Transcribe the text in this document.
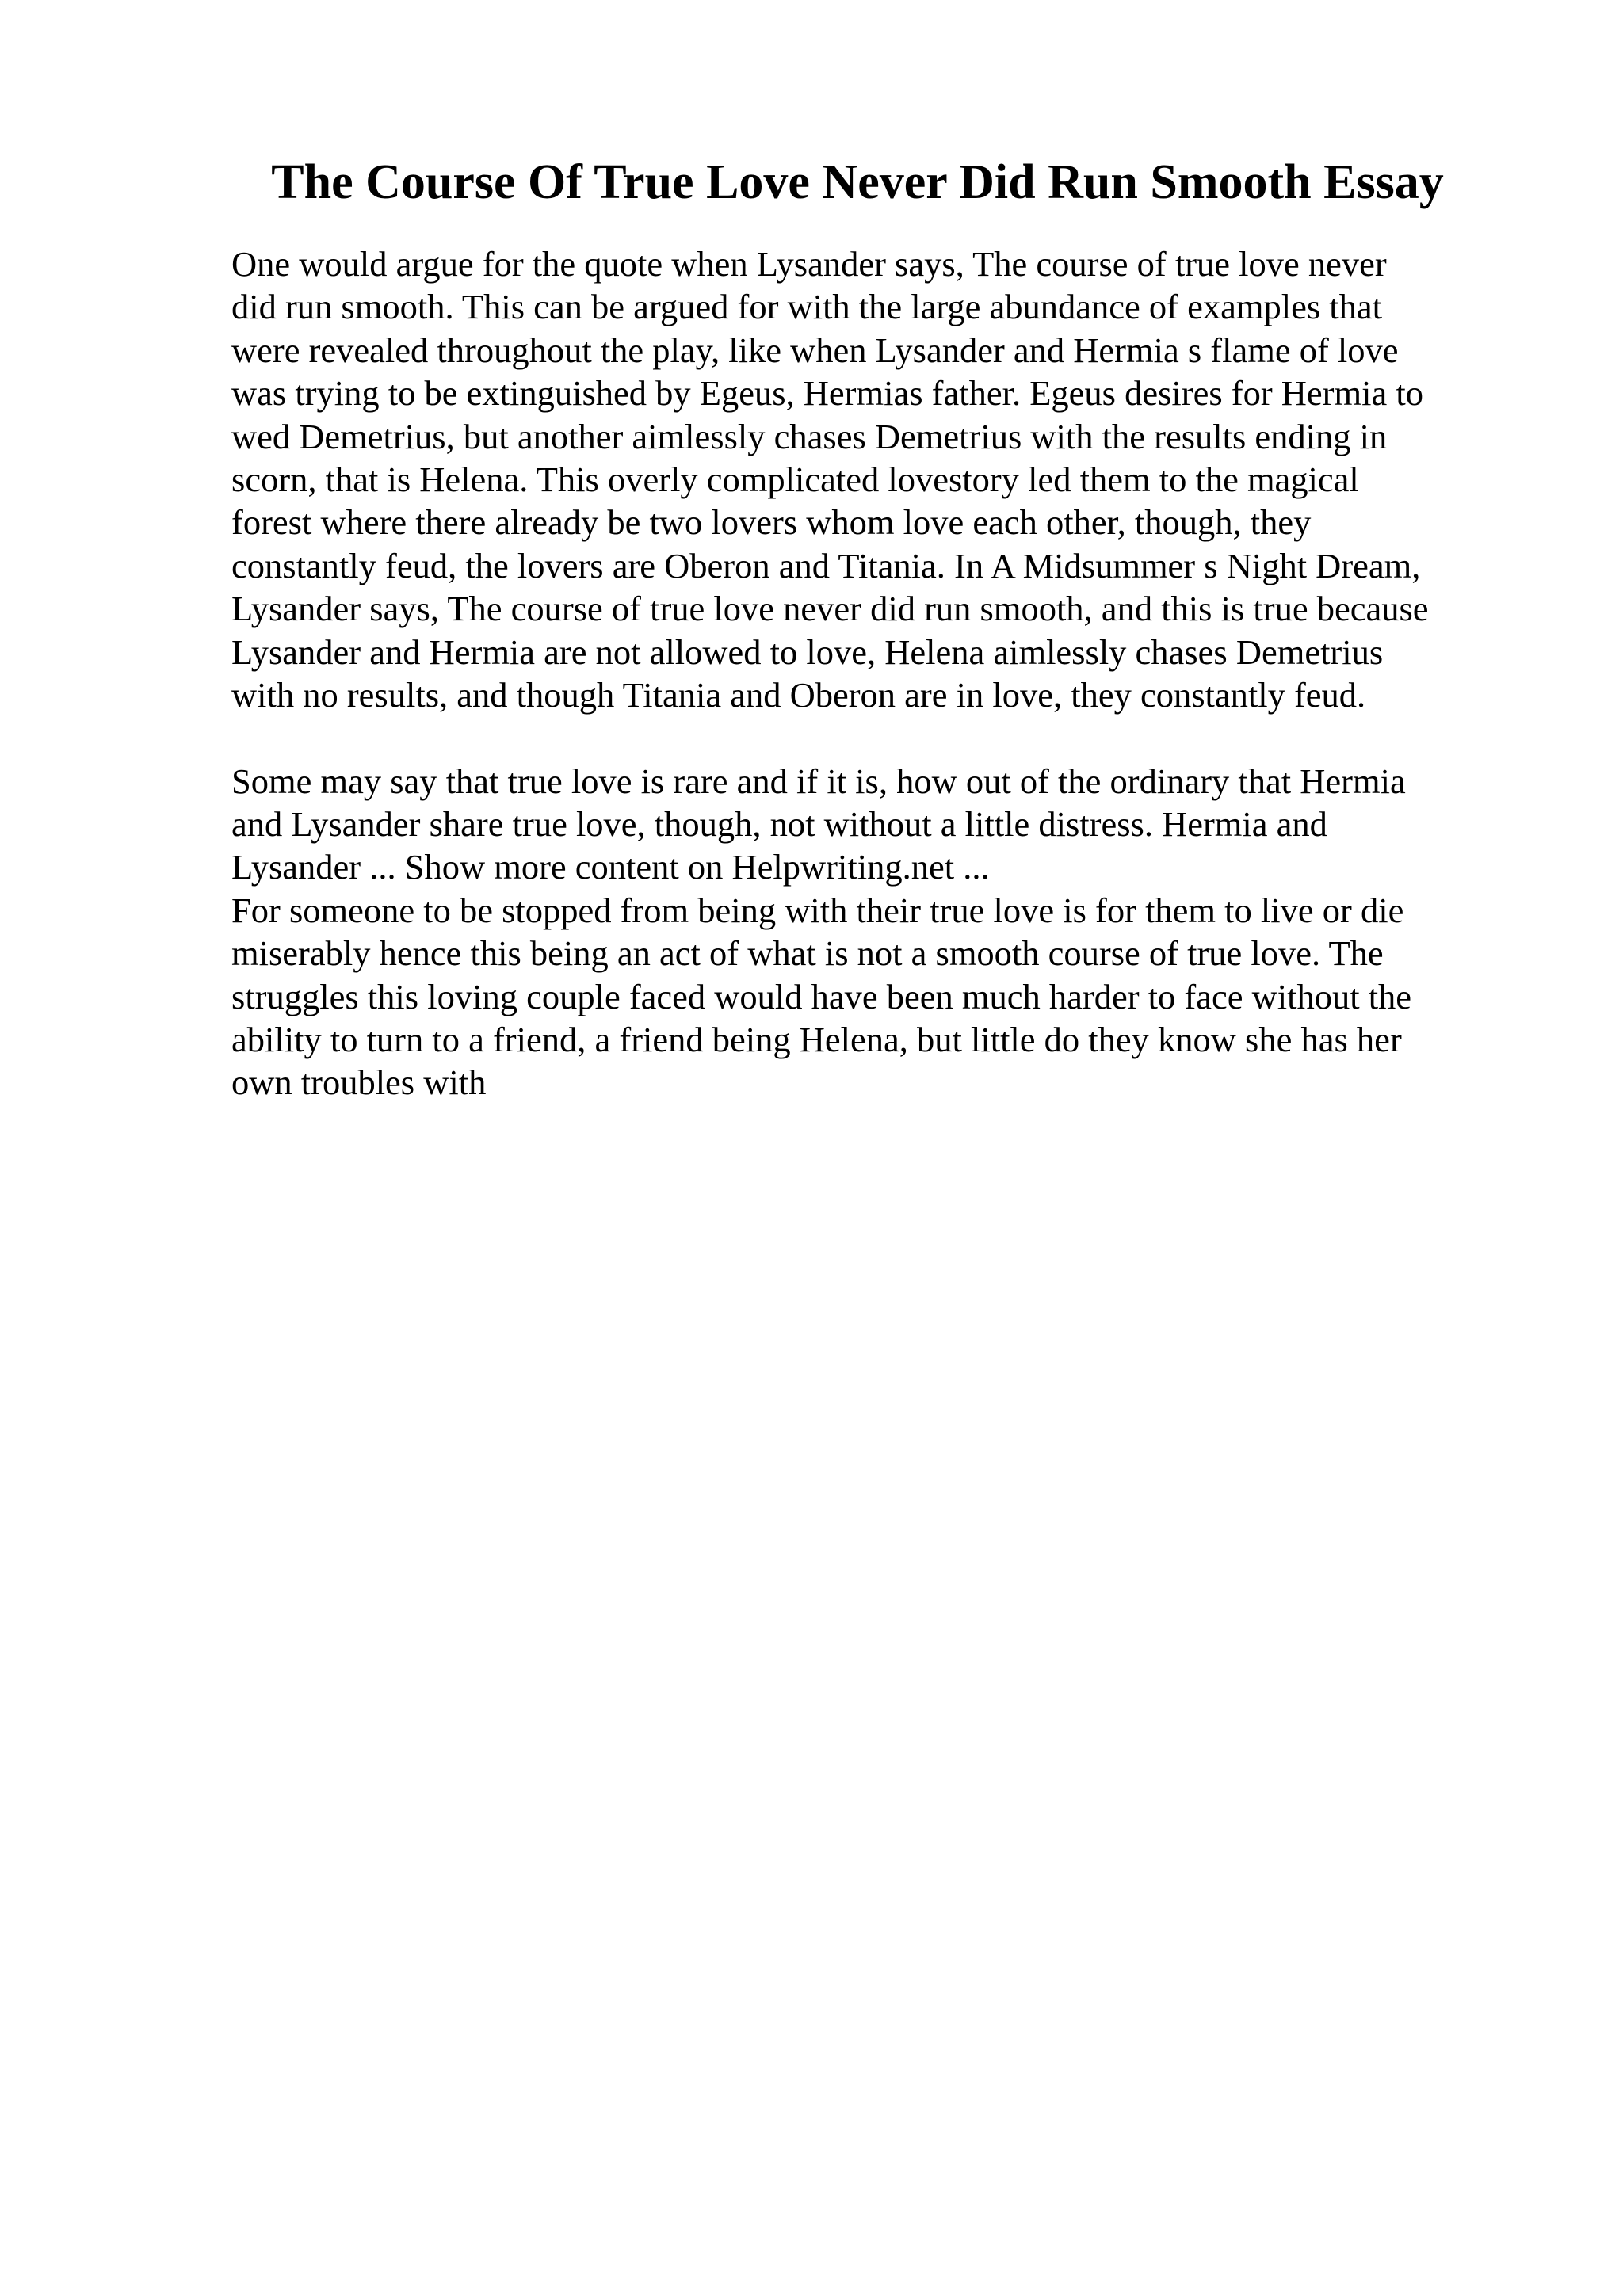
The Course Of True Love Never Did Run Smooth Essay
One would argue for the quote when Lysander says, The course of true love never
did run smooth. This can be argued for with the large abundance of examples that
were revealed throughout the play, like when Lysander and Hermia s flame of love
was trying to be extinguished by Egeus, Hermias father. Egeus desires for Hermia to
wed Demetrius, but another aimlessly chases Demetrius with the results ending in
scorn, that is Helena. This overly complicated lovestory led them to the magical
forest where there already be two lovers whom love each other, though, they
constantly feud, the lovers are Oberon and Titania. In A Midsummer s Night Dream,
Lysander says, The course of true love never did run smooth, and this is true because
Lysander and Hermia are not allowed to love, Helena aimlessly chases Demetrius
with no results, and though Titania and Oberon are in love, they constantly feud.
Some may say that true love is rare and if it is, how out of the ordinary that Hermia
and Lysander share true love, though, not without a little distress. Hermia and
Lysander ... Show more content on Helpwriting.net ...
For someone to be stopped from being with their true love is for them to live or die
miserably hence this being an act of what is not a smooth course of true love. The
struggles this loving couple faced would have been much harder to face without the
ability to turn to a friend, a friend being Helena, but little do they know she has her
own troubles with
